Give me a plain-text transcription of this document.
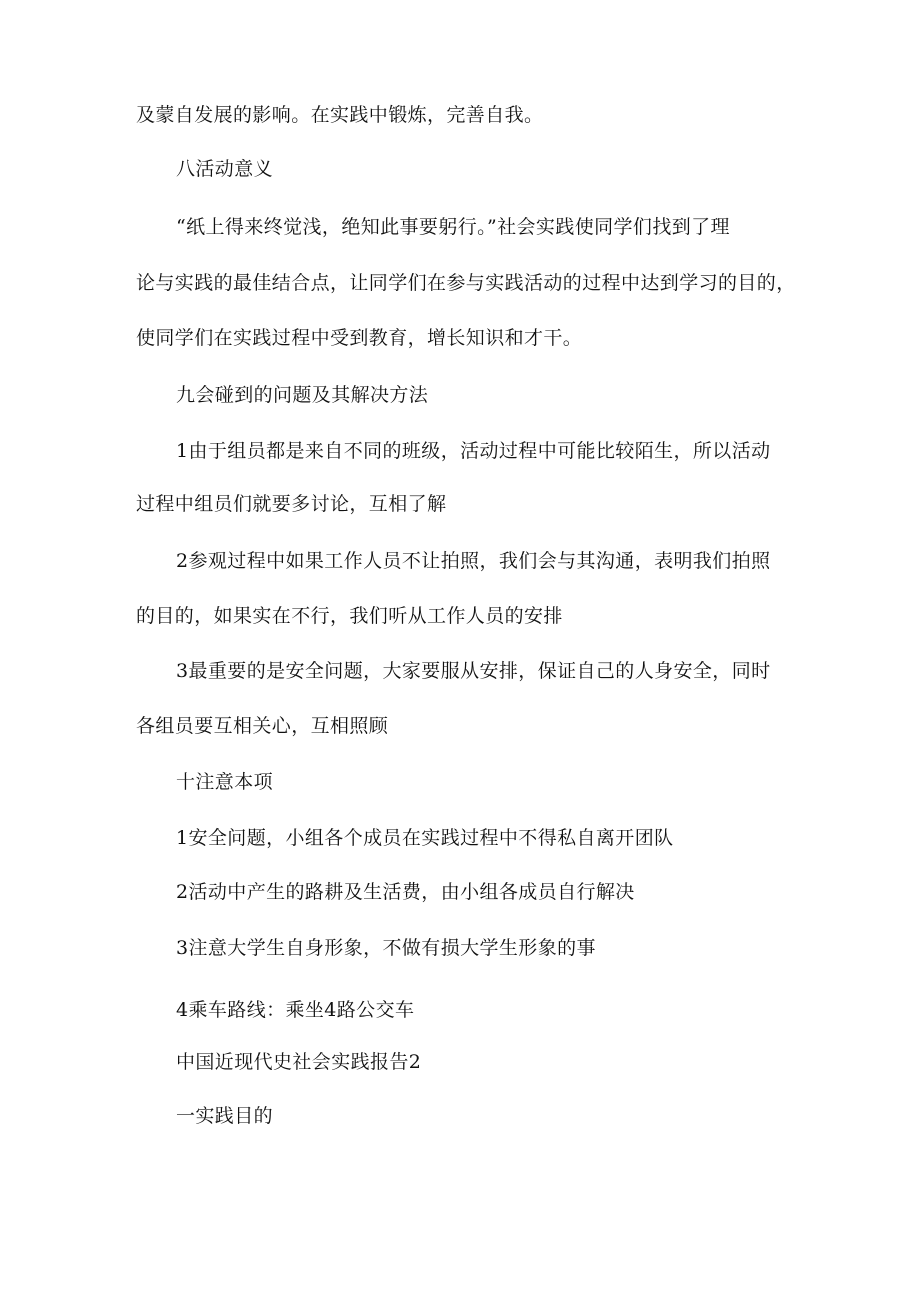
及蒙自发展的影响。在实践中锻炼，完善自我。
八活动意义
“纸上得来终觉浅，绝知此事要躬行。”社会实践使同学们找到了理
论与实践的最佳结合点，让同学们在参与实践活动的过程中达到学习的目的，
使同学们在实践过程中受到教育，增长知识和才干。
九会碰到的问题及其解决方法
1由于组员都是来自不同的班级，活动过程中可能比较陌生，所以活动
过程中组员们就要多讨论，互相了解
2参观过程中如果工作人员不让拍照，我们会与其沟通，表明我们拍照
的目的，如果实在不行，我们听从工作人员的安排
3最重要的是安全问题，大家要服从安排，保证自己的人身安全，同时
各组员要互相关心，互相照顾
十注意本项
1安全问题，小组各个成员在实践过程中不得私自离开团队
2活动中产生的路耕及生活费，由小组各成员自行解决
3注意大学生自身形象，不做有损大学生形象的事
4乘车路线：乘坐4路公交车
中国近现代史社会实践报告2
一实践目的
